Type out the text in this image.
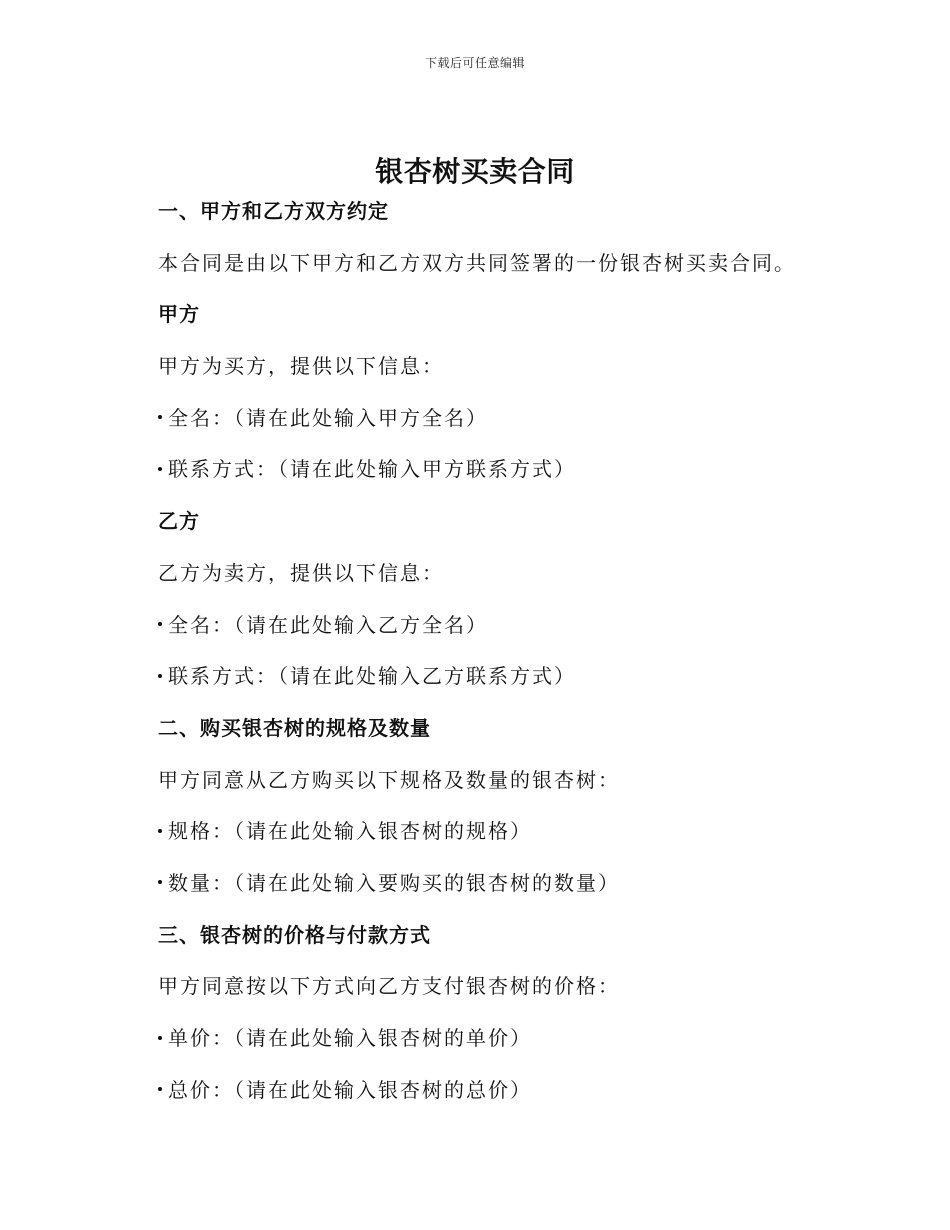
下载后可任意编辑
银杏树买卖合同
一、甲方和乙方双方约定
本合同是由以下甲方和乙方双方共同签署的一份银杏树买卖合同。
甲方
甲方为买方，提供以下信息：
全名：（请在此处输入甲方全名）
联系方式：（请在此处输入甲方联系方式）
乙方
乙方为卖方，提供以下信息：
全名：（请在此处输入乙方全名）
联系方式：（请在此处输入乙方联系方式）
二、购买银杏树的规格及数量
甲方同意从乙方购买以下规格及数量的银杏树：
规格：（请在此处输入银杏树的规格）
数量：（请在此处输入要购买的银杏树的数量）
三、银杏树的价格与付款方式
甲方同意按以下方式向乙方支付银杏树的价格：
单价：（请在此处输入银杏树的单价）
总价：（请在此处输入银杏树的总价）
